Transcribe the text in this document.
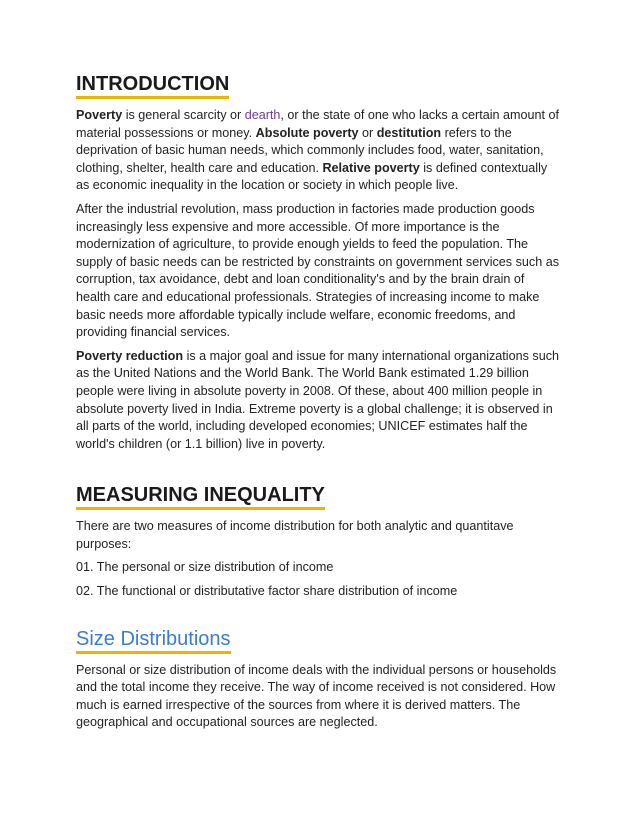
INTRODUCTION

Poverty is general scarcity or dearth, or the state of one who lacks a certain amount of material possessions or money. Absolute poverty or destitution refers to the deprivation of basic human needs, which commonly includes food, water, sanitation, clothing, shelter, health care and education. Relative poverty is defined contextually as economic inequality in the location or society in which people live.

After the industrial revolution, mass production in factories made production goods increasingly less expensive and more accessible. Of more importance is the modernization of agriculture, to provide enough yields to feed the population. The supply of basic needs can be restricted by constraints on government services such as corruption, tax avoidance, debt and loan conditionality's and by the brain drain of health care and educational professionals. Strategies of increasing income to make basic needs more affordable typically include welfare, economic freedoms, and providing financial services.

Poverty reduction is a major goal and issue for many international organizations such as the United Nations and the World Bank. The World Bank estimated 1.29 billion people were living in absolute poverty in 2008. Of these, about 400 million people in absolute poverty lived in India. Extreme poverty is a global challenge; it is observed in all parts of the world, including developed economies; UNICEF estimates half the world's children (or 1.1 billion) live in poverty.

MEASURING INEQUALITY

There are two measures of income distribution for both analytic and quantitave purposes:

01. The personal or size distribution of income

02. The functional or distributative factor share distribution of income

Size Distributions

Personal or size distribution of income deals with the individual persons or households and the total income they receive. The way of income received is not considered. How much is earned irrespective of the sources from where it is derived matters. The geographical and occupational sources are neglected.
